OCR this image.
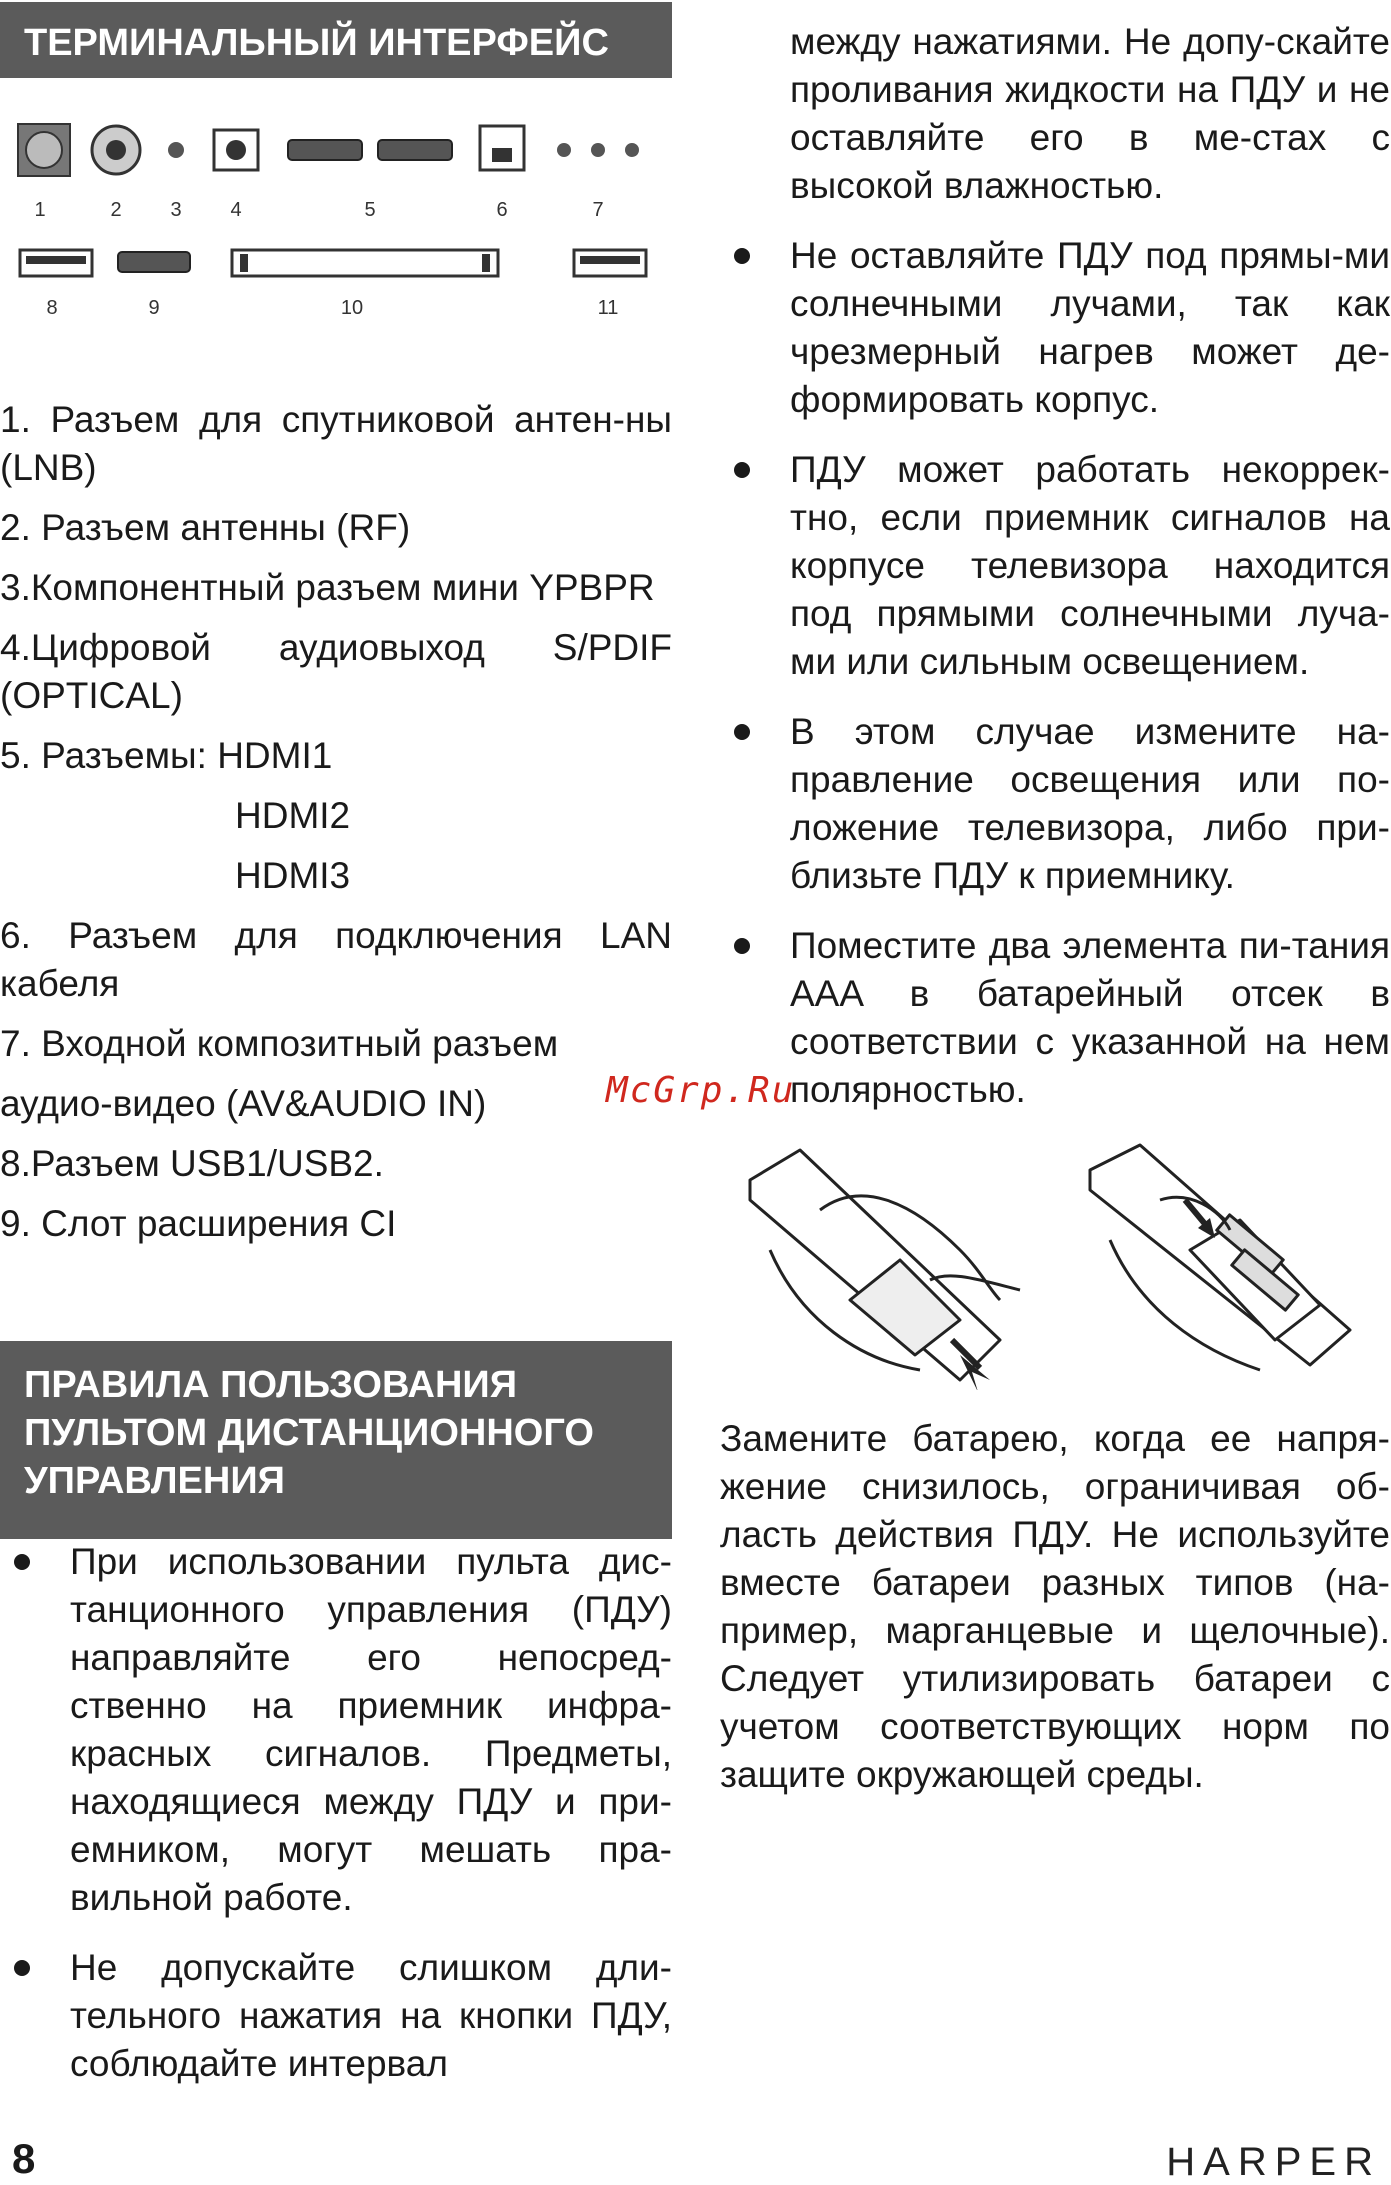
ТЕРМИНАЛЬНЫЙ ИНТЕРФЕЙС
1	2 3 4	5	6	7
8	9	10	11

1. Разъем для спутниковой антен-ны (LNB)

2. Разъем антенны (RF)

3.Компонентный разъем мини YPBPR

4.Цифровой аудиовыход S/PDIF (OPTICAL)

5. Разъемы: HDMI1

HDMI2

HDMI3

6. Разъем для подключения LAN кабеля

7. Входной композитный разъем

аудио-видео (AV&AUDIO IN)

8.Разъем USB1/USB2.

9. Слот расширения CI

ПРАВИЛА ПОЛЬЗОВАНИЯ
ПУЛЬТОМ ДИСТАНЦИОННОГО
УПРАВЛЕНИЯ
При использовании пульта дис-танционного управления (ПДУ) направляйте его непосред-ственно на приемник инфра-красных сигналов. Предметы, находящиеся между ПДУ и при-емником, могут мешать пра-вильной работе.
Не допускайте слишком дли-тельного нажатия на кнопки ПДУ, соблюдайте интервал
между нажатиями. Не допу-скайте проливания жидкости на ПДУ и не оставляйте его в ме-стах с высокой влажностью.
Не оставляйте ПДУ под прямы-ми солнечными лучами, так как чрезмерный нагрев может де-формировать корпус.
ПДУ может работать некоррек-тно, если приемник сигналов на корпусе телевизора находится под прямыми солнечными луча-ми или сильным освещением.
В этом случае измените на-правление освещения или по-ложение телевизора, либо при-близьте ПДУ к приемнику.
Поместите два элемента пи-тания AAA в батарейный отсек в соответствии с указанной на нем полярностью.
Замените батарею, когда ее напря-жение снизилось, ограничивая об-ласть действия ПДУ. Не используйте вместе батареи разных типов (на-пример, марганцевые и щелочные). Следует утилизировать батареи с учетом соответствующих норм по защите окружающей среды.
McGrp.Ru
8	HARPER
